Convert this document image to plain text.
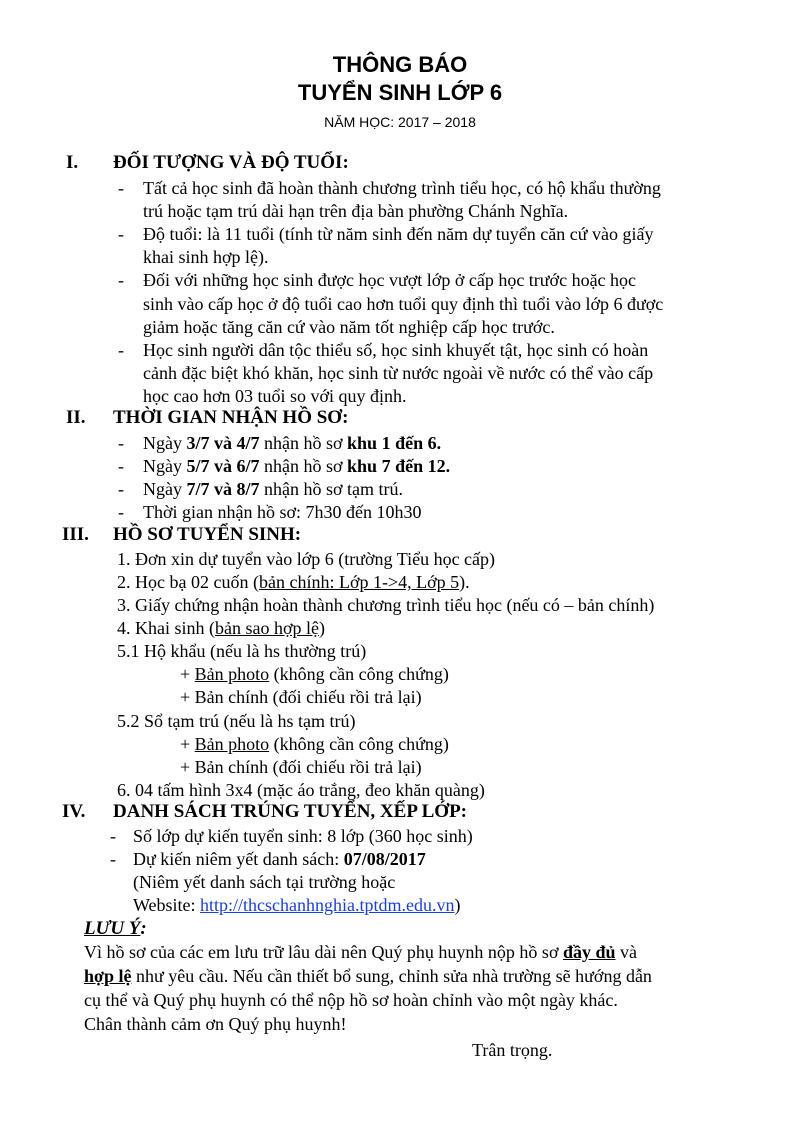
THÔNG BÁO
TUYỂN SINH LỚP 6
NĂM HỌC: 2017 – 2018
I. ĐỐI TƯỢNG VÀ ĐỘ TUỔI:
- Tất cả học sinh đã hoàn thành chương trình tiểu học, có hộ khẩu thường
trú hoặc tạm trú dài hạn trên địa bàn phường Chánh Nghĩa.
- Độ tuổi: là 11 tuổi (tính từ năm sinh đến năm dự tuyển căn cứ vào giấy
khai sinh hợp lệ).
- Đối với những học sinh được học vượt lớp ở cấp học trước hoặc học
sinh vào cấp học ở độ tuổi cao hơn tuổi quy định thì tuổi vào lớp 6 được
giảm hoặc tăng căn cứ vào năm tốt nghiệp cấp học trước.
- Học sinh người dân tộc thiểu số, học sinh khuyết tật, học sinh có hoàn
cảnh đặc biệt khó khăn, học sinh từ nước ngoài về nước có thể vào cấp
học cao hơn 03 tuổi so với quy định.
II. THỜI GIAN NHẬN HỒ SƠ:
- Ngày 3/7 và 4/7 nhận hồ sơ khu 1 đến 6.
- Ngày 5/7 và 6/7 nhận hồ sơ khu 7 đến 12.
- Ngày 7/7 và 8/7 nhận hồ sơ tạm trú.
- Thời gian nhận hồ sơ: 7h30 đến 10h30
III. HỒ SƠ TUYỂN SINH:
1. Đơn xin dự tuyển vào lớp 6 (trường Tiểu học cấp)
2. Học bạ 02 cuốn (bản chính: Lớp 1->4, Lớp 5).
3. Giấy chứng nhận hoàn thành chương trình tiểu học (nếu có – bản chính)
4. Khai sinh (bản sao hợp lệ)
5.1 Hộ khẩu (nếu là hs thường trú)
+ Bản photo (không cần công chứng)
+ Bản chính (đối chiếu rồi trả lại)
5.2 Sổ tạm trú (nếu là hs tạm trú)
+ Bản photo (không cần công chứng)
+ Bản chính (đối chiếu rồi trả lại)
6. 04 tấm hình 3x4 (mặc áo trắng, đeo khăn quàng)
IV. DANH SÁCH TRÚNG TUYỂN, XẾP LỚP:
- Số lớp dự kiến tuyển sinh: 8 lớp (360 học sinh)
- Dự kiến niêm yết danh sách: 07/08/2017
(Niêm yết danh sách tại trường hoặc
Website: http://thcschanhnghia.tptdm.edu.vn)
LƯU Ý:
Vì hồ sơ của các em lưu trữ lâu dài nên Quý phụ huynh nộp hồ sơ đầy đủ và
hợp lệ như yêu cầu. Nếu cần thiết bổ sung, chỉnh sửa nhà trường sẽ hướng dẫn
cụ thể và Quý phụ huynh có thể nộp hồ sơ hoàn chỉnh vào một ngày khác.
Chân thành cảm ơn Quý phụ huynh!
Trân trọng.
